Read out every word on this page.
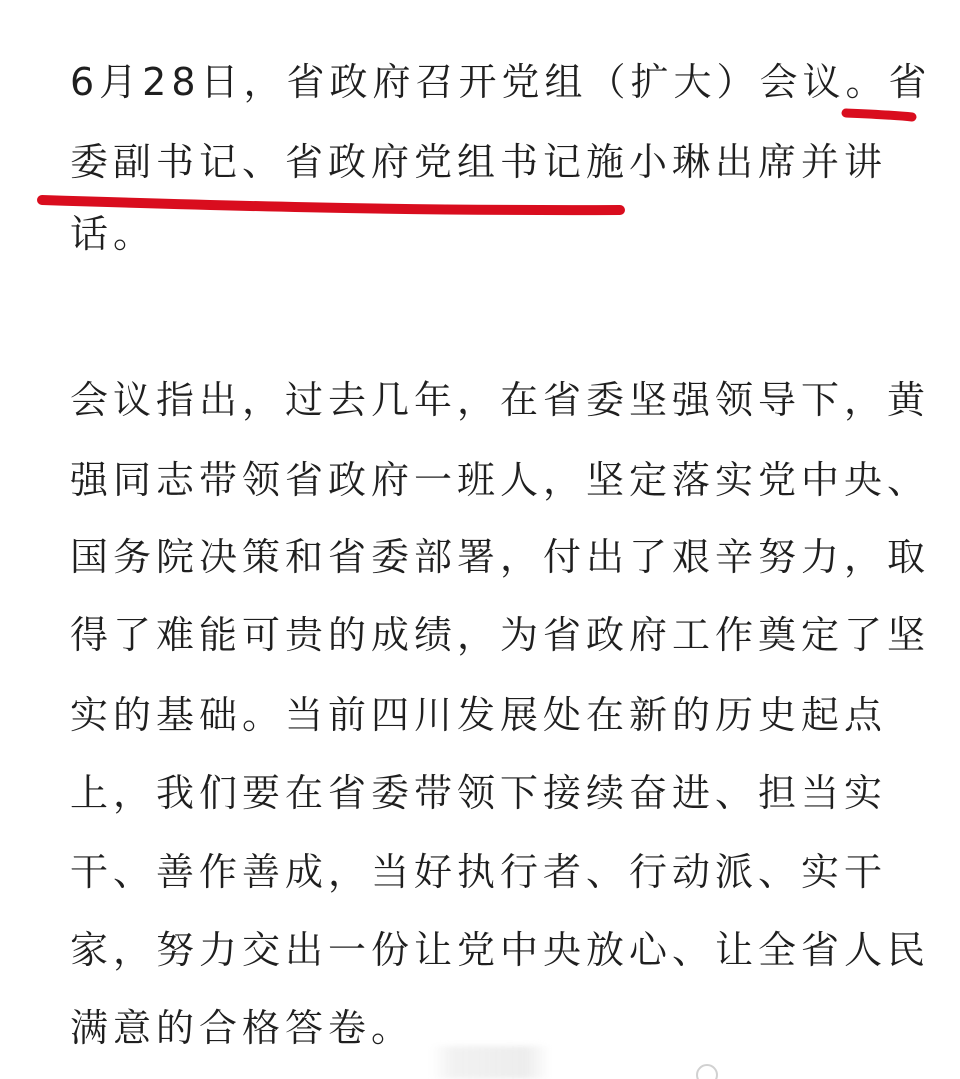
6月28日，省政府召开党组（扩大）会议。省
委副书记、省政府党组书记施小琳出席并讲
话。
会议指出，过去几年，在省委坚强领导下，黄
强同志带领省政府一班人，坚定落实党中央、
国务院决策和省委部署，付出了艰辛努力，取
得了难能可贵的成绩，为省政府工作奠定了坚
实的基础。当前四川发展处在新的历史起点
上，我们要在省委带领下接续奋进、担当实
干、善作善成，当好执行者、行动派、实干
家，努力交出一份让党中央放心、让全省人民
满意的合格答卷。
